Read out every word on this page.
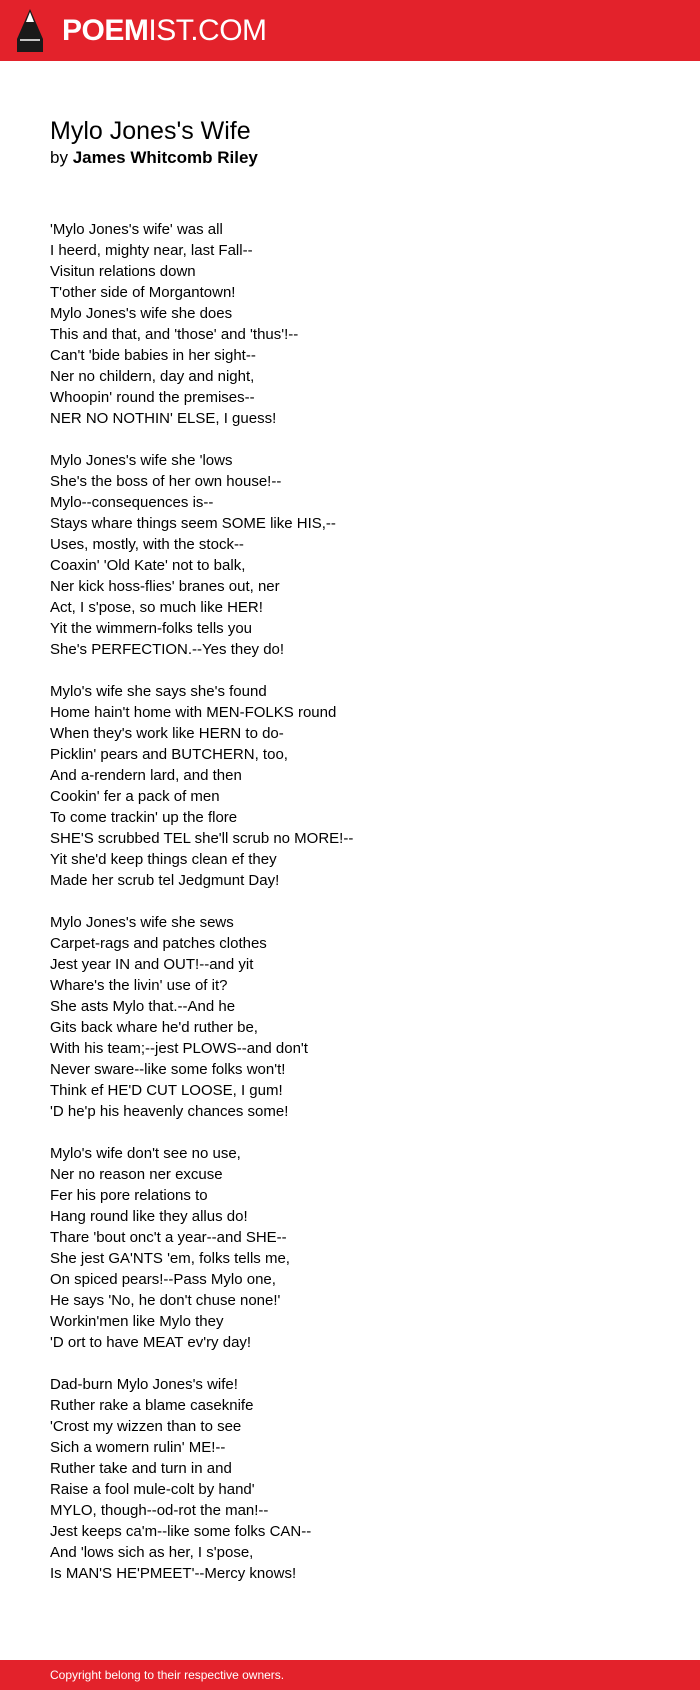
POEMIST.COM
Mylo Jones's Wife
by James Whitcomb Riley
'Mylo Jones's wife' was all
I heerd, mighty near, last Fall--
Visitun relations down
T'other side of Morgantown!
Mylo Jones's wife she does
This and that, and 'those' and 'thus'!--
Can't 'bide babies in her sight--
Ner no childern, day and night,
Whoopin' round the premises--
NER NO NOTHIN' ELSE, I guess!
Mylo Jones's wife she 'lows
She's the boss of her own house!--
Mylo--consequences is--
Stays whare things seem SOME like HIS,--
Uses, mostly, with the stock--
Coaxin' 'Old Kate' not to balk,
Ner kick hoss-flies' branes out, ner
Act, I s'pose, so much like HER!
Yit the wimmern-folks tells you
She's PERFECTION.--Yes they do!
Mylo's wife she says she's found
Home hain't home with MEN-FOLKS round
When they's work like HERN to do-
Picklin' pears and BUTCHERN, too,
And a-rendern lard, and then
Cookin' fer a pack of men
To come trackin' up the flore
SHE'S scrubbed TEL she'll scrub no MORE!--
Yit she'd keep things clean ef they
Made her scrub tel Jedgmunt Day!
Mylo Jones's wife she sews
Carpet-rags and patches clothes
Jest year IN and OUT!--and yit
Whare's the livin' use of it?
She asts Mylo that.--And he
Gits back whare he'd ruther be,
With his team;--jest PLOWS--and don't
Never sware--like some folks won't!
Think ef HE'D CUT LOOSE, I gum!
'D he'p his heavenly chances some!
Mylo's wife don't see no use,
Ner no reason ner excuse
Fer his pore relations to
Hang round like they allus do!
Thare 'bout onc't a year--and SHE--
She jest GA'NTS 'em, folks tells me,
On spiced pears!--Pass Mylo one,
He says 'No, he don't chuse none!'
Workin'men like Mylo they
'D ort to have MEAT ev'ry day!
Dad-burn Mylo Jones's wife!
Ruther rake a blame caseknife
'Crost my wizzen than to see
Sich a womern rulin' ME!--
Ruther take and turn in and
Raise a fool mule-colt by hand'
MYLO, though--od-rot the man!--
Jest keeps ca'm--like some folks CAN--
And 'lows sich as her, I s'pose,
Is MAN'S HE'PMEET'--Mercy knows!
Copyright belong to their respective owners.
